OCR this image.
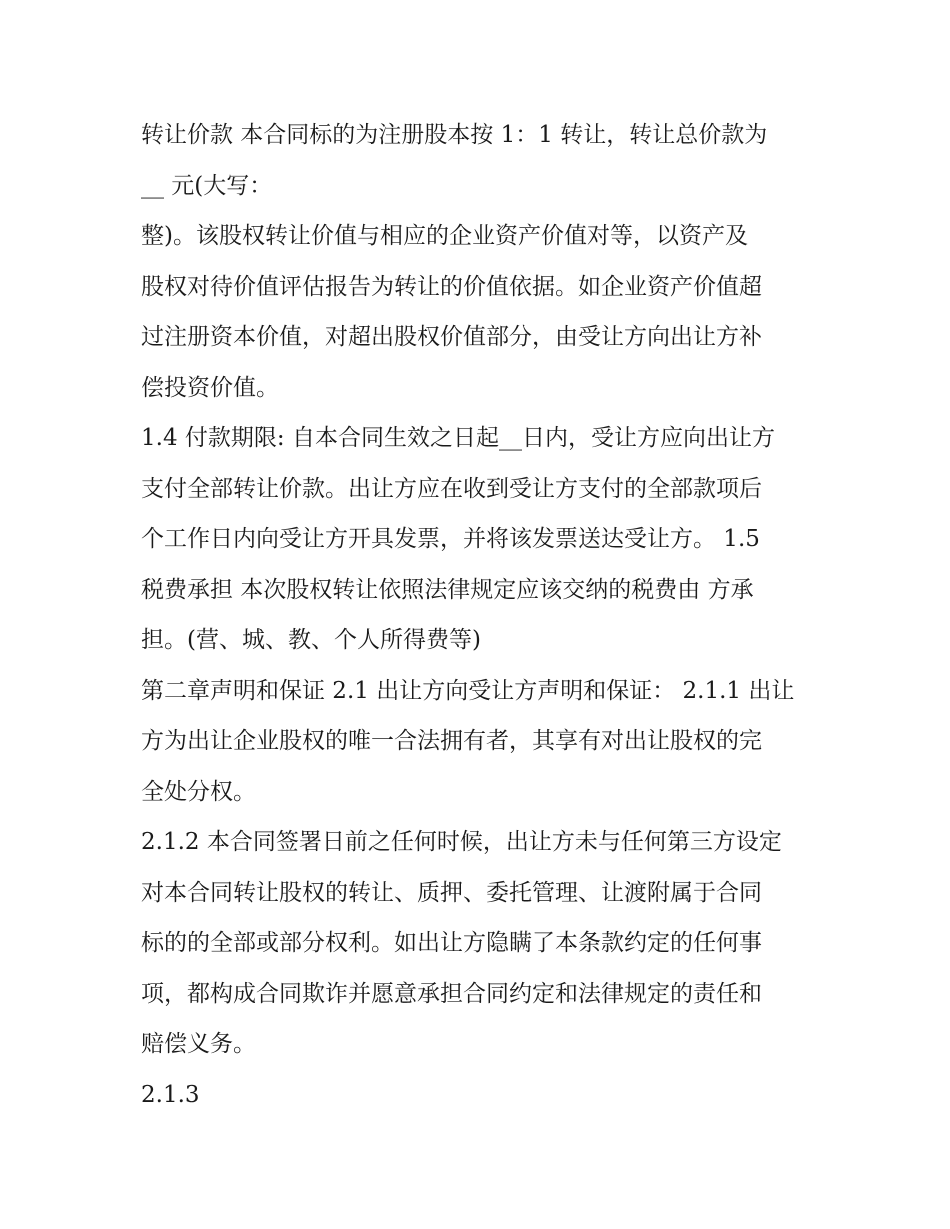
转让价款 本合同标的为注册股本按 1：1 转让，转让总价款为
__ 元(大写：
整)。该股权转让价值与相应的企业资产价值对等，以资产及
股权对待价值评估报告为转让的价值依据。如企业资产价值超
过注册资本价值，对超出股权价值部分，由受让方向出让方补
偿投资价值。
1.4 付款期限: 自本合同生效之日起__日内，受让方应向出让方
支付全部转让价款。出让方应在收到受让方支付的全部款项后
个工作日内向受让方开具发票，并将该发票送达受让方。 1.5
税费承担 本次股权转让依照法律规定应该交纳的税费由 方承
担。(营、城、教、个人所得费等)
第二章声明和保证 2.1 出让方向受让方声明和保证： 2.1.1 出让
方为出让企业股权的唯一合法拥有者，其享有对出让股权的完
全处分权。
2.1.2 本合同签署日前之任何时候，出让方未与任何第三方设定
对本合同转让股权的转让、质押、委托管理、让渡附属于合同
标的的全部或部分权利。如出让方隐瞒了本条款约定的任何事
项，都构成合同欺诈并愿意承担合同约定和法律规定的责任和
赔偿义务。
2.1.3
